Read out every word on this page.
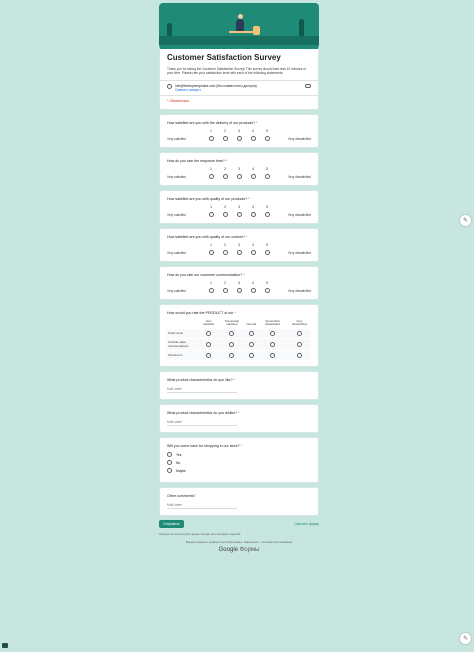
Customer Satisfaction Survey

Thank you for taking the Customer Satisfaction Survey! This survey should take less 10 minutes of your time. Please rate your satisfaction level with each of the following statements.

info@freetoptemplates.com (без совместного доступа)
Сменить аккаунт
* Обязательно

How satisfied are you with the delivery of our products? *

Very satisfied
1	2	3	4	5
Very dissatisfied

How do you rate the response time? *

Very satisfied
1	2	3	4	5
Very dissatisfied

How satisfied are you with quality of our products? *

Very satisfied
1	2	3	4	5
Very dissatisfied

How satisfied are you with quality of our custom? *

Very satisfied
1	2	3	4	5
Very dissatisfied

How do you rate our customer communication? *

Very satisfied
1	2	3	4	5
Very dissatisfied

How would you rate the PRODUCT of our *

	Very satisfied	Somewhat satisfied	Neutral	Somewhat dissatisfied	Very dissatisfied
Order desk	

Outside sales representatives	

Showroom	

What product characteristics do you like? *

Мой ответ

What product characteristics do you dislike? *

Мой ответ

Will you come back for shopping in our store? *

Yes
No
Maybe

Other comments?

Мой ответ
Отправить	Очистить форму
Никогда не используйте формы Google для передачи паролей.
Форма создана в домене FreeTopTemplates. Нарушение - Условия использования
Google Формы
✎
✎
